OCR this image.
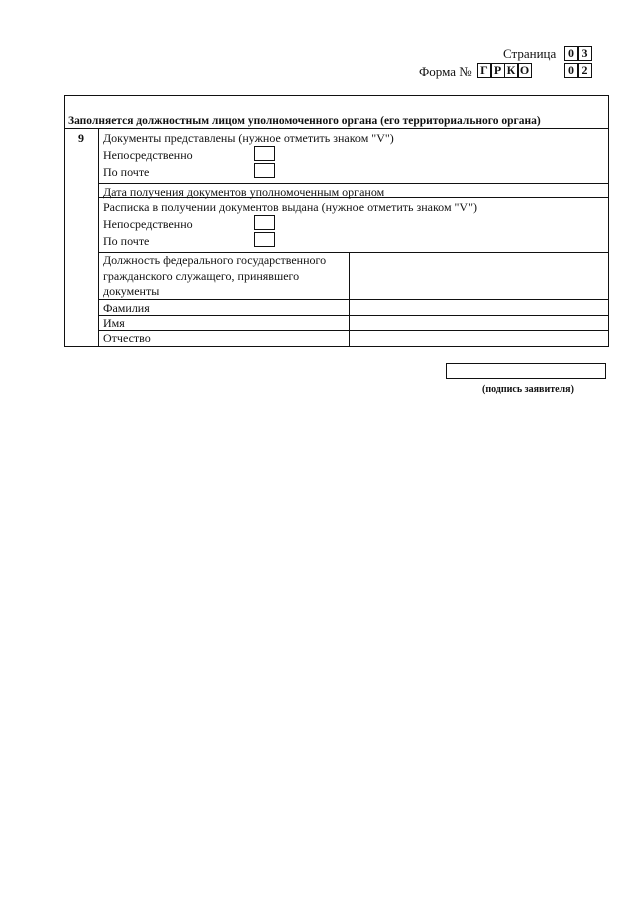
Страница 0 3
Форма № Г Р К О	0 2
Заполняется должностным лицом уполномоченного органа (его территориального органа)
9 Документы представлены (нужное отметить знаком "V")
Непосредственно
По почте
Дата получения документов уполномоченным органом
Расписка в получении документов выдана (нужное отметить знаком "V")
Непосредственно
По почте
Должность федерального государственного
гражданского служащего, принявшего
документы
Фамилия
Имя
Отчество
(подпись заявителя)
